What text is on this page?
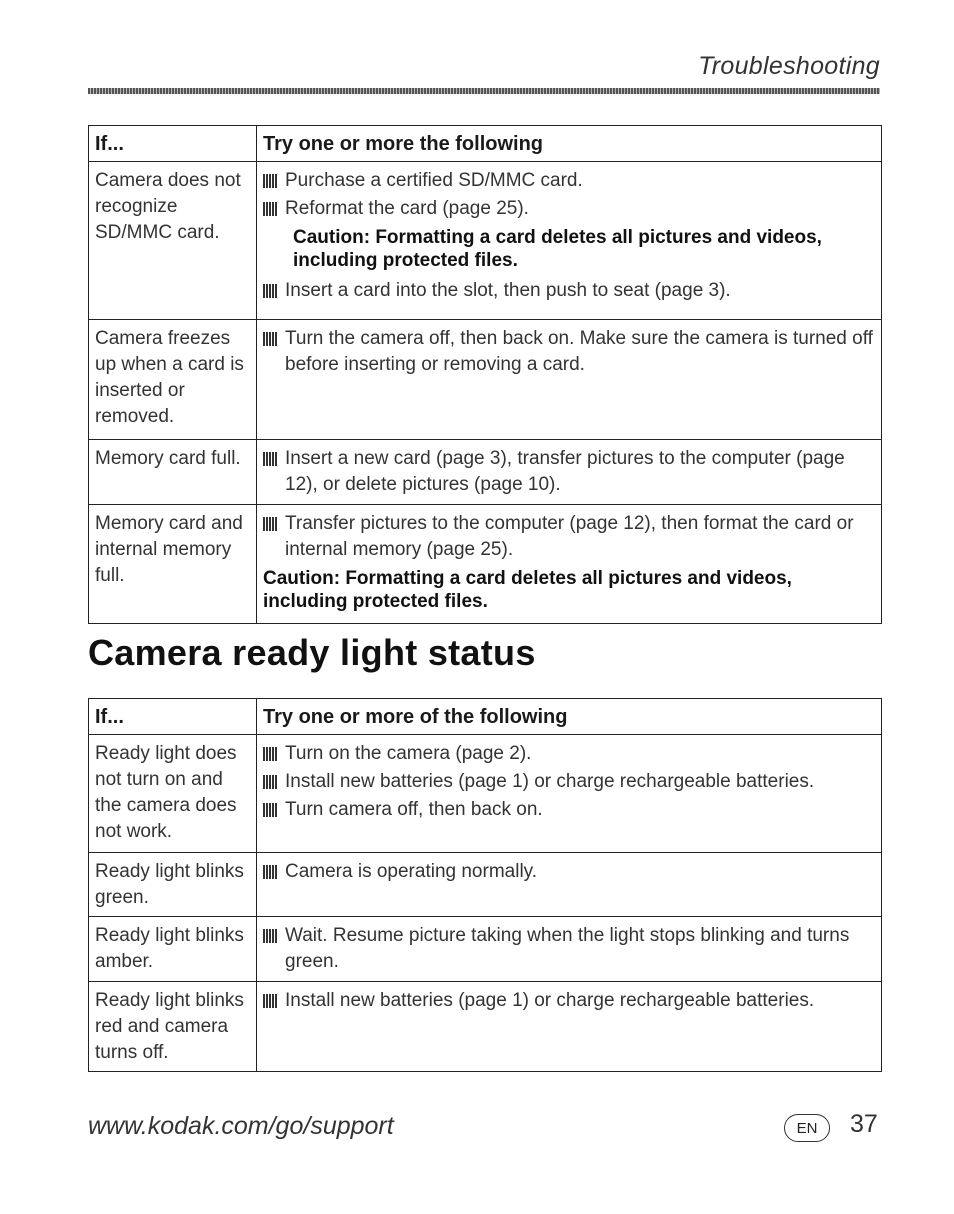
Troubleshooting
If...	Try one or more the following
Camera does not recognize SD/MMC card.	Purchase a certified SD/MMC card.
Reformat the card (page 25).
Caution: Formatting a card deletes all pictures and videos, including protected files.
Insert a card into the slot, then push to seat (page 3).

Camera freezes up when a card is inserted or removed.	Turn the camera off, then back on. Make sure the camera is turned off before inserting or removing a card.

Memory card full.	Insert a new card (page 3), transfer pictures to the computer (page 12), or delete pictures (page 10).

Memory card and internal memory full.	Transfer pictures to the computer (page 12), then format the card or internal memory (page 25).
Caution: Formatting a card deletes all pictures and videos, including protected files.
Camera ready light status
If...	Try one or more of the following
Ready light does not turn on and the camera does not work.	Turn on the camera (page 2).
Install new batteries (page 1) or charge rechargeable batteries.
Turn camera off, then back on.

Ready light blinks green.	Camera is operating normally.

Ready light blinks amber.	Wait. Resume picture taking when the light stops blinking and turns green.

Ready light blinks red and camera turns off.	Install new batteries (page 1) or charge rechargeable batteries.
www.kodak.com/go/support	EN	37
